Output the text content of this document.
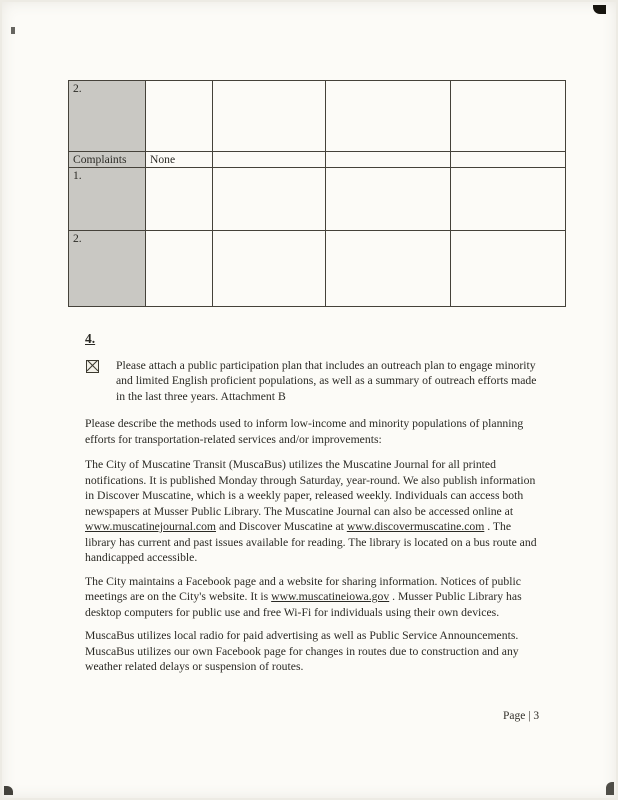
2.				
Complaints	None			
1.				
2.				
4.
Please attach a public participation plan that includes an outreach plan to engage minority and limited English proficient populations, as well as a summary of outreach efforts made in the last three years. Attachment B

Please describe the methods used to inform low-income and minority populations of planning efforts for transportation-related services and/or improvements:

The City of Muscatine Transit (MuscaBus) utilizes the Muscatine Journal for all printed notifications. It is published Monday through Saturday, year-round. We also publish information in Discover Muscatine, which is a weekly paper, released weekly. Individuals can access both newspapers at Musser Public Library. The Muscatine Journal can also be accessed online at www.muscatinejournal.com and Discover Muscatine at www.discovermuscatine.com . The library has current and past issues available for reading. The library is located on a bus route and handicapped accessible.

The City maintains a Facebook page and a website for sharing information. Notices of public meetings are on the City's website. It is www.muscatineiowa.gov . Musser Public Library has desktop computers for public use and free Wi-Fi for individuals using their own devices.

MuscaBus utilizes local radio for paid advertising as well as Public Service Announcements. MuscaBus utilizes our own Facebook page for changes in routes due to construction and any weather related delays or suspension of routes.

Page | 3
